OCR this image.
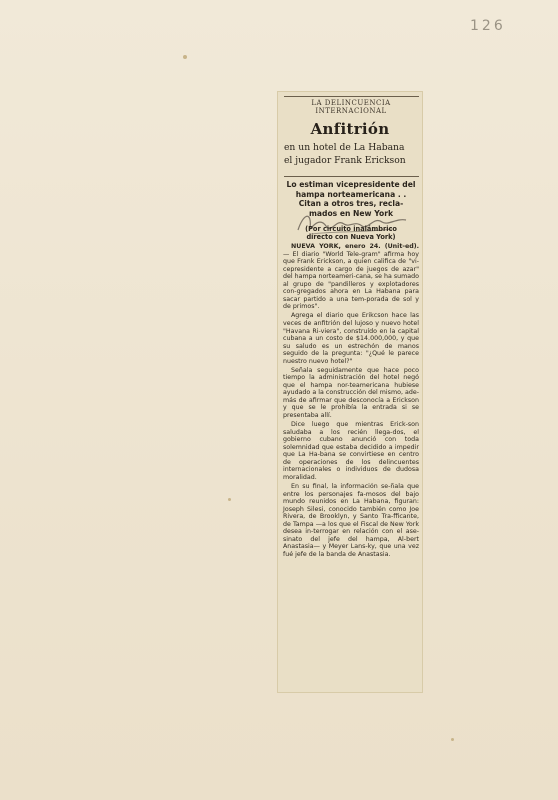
126
LA DELINCUENCIA
INTERNACIONAL
Anfitrión
en un hotel de La Habana
el jugador Frank Erickson
Lo estiman vicepresidente del
hampa norteamericana . .
Citan a otros tres, recla-
mados en New York
(Por circuito inalámbrico
directo con Nueva York)

NUEVA YORK, enero 24. (Unit-ed). — El diario "World Tele-gram" afirma hoy que Frank Erickson, a quien califica de "vi-cepresidente a cargo de juegos de azar" del hampa norteameri-cana, se ha sumado al grupo de "pandilleros y explotadores con-gregados ahora en La Habana para sacar partido a una tem-porada de sol y de primos".

Agrega el diario que Erikcson hace las veces de anfitrión del lujoso y nuevo hotel "Havana Ri-viera", construído en la capital cubana a un costo de $14.000,000, y que su saludo es un estrechón de manos seguido de la pregunta: "¿Qué le parece nuestro nuevo hotel?"

Señala seguidamente que hace poco tiempo la administración del hotel negó que el hampa nor-teamericana hubiese ayudado a la construcción del mismo, ade-más de afirmar que desconocía a Erickson y que se le prohibía la entrada si se presentaba allí.

Dice luego que mientras Erick-son saludaba a los recién llega-dos, el gobierno cubano anunció con toda solemnidad que estaba decidido a impedir que La Ha-bana se convirtiese en centro de operaciones de los delincuentes internacionales o individuos de dudosa moralidad.

En su final, la información se-ñala que entre los personajes fa-mosos del bajo mundo reunidos en La Habana, figuran: Joseph Silesi, conocido también como Joe Rivera, de Brooklyn, y Santo Tra-fficante, de Tampa —a los que el Fiscal de New York desea in-terrogar en relación con el ase-sinato del jefe del hampa, Al-bert Anastasia— y Meyer Lans-ky, que una vez fué jefe de la banda de Anastasia.
